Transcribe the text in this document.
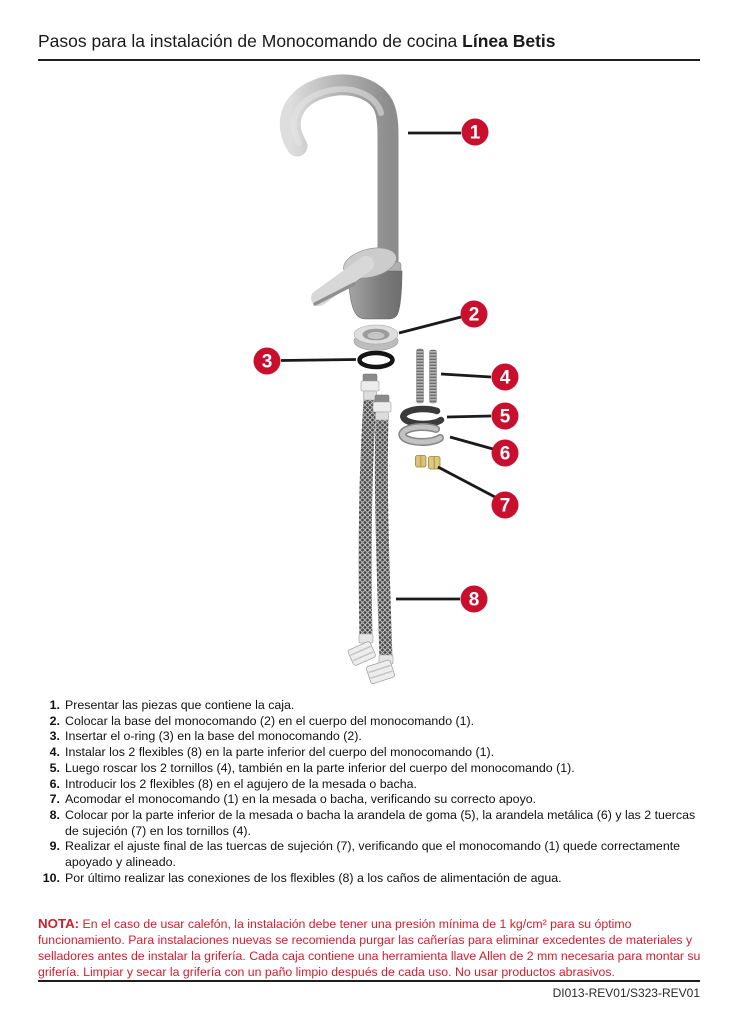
Pasos para la instalación de Monocomando de cocina Línea Betis
1
2
3
4
5
6
7
8
1. Presentar las piezas que contiene la caja.
2. Colocar la base del monocomando (2) en el cuerpo del monocomando (1).
3. Insertar el o-ring (3) en la base del monocomando (2).
4. Instalar los 2 flexibles (8) en la parte inferior del cuerpo del monocomando (1).
5. Luego roscar los 2 tornillos (4), también en la parte inferior del cuerpo del monocomando (1).
6. Introducir los 2 flexibles (8) en el agujero de la mesada o bacha.
7. Acomodar el monocomando (1) en la mesada o bacha, verificando su correcto apoyo.
8. Colocar por la parte inferior de la mesada o bacha la arandela de goma (5), la arandela metálica (6) y las 2 tuercas de sujeción (7) en los tornillos (4).
9. Realizar el ajuste final de las tuercas de sujeción (7), verificando que el monocomando (1) quede correctamente apoyado y alineado.
10. Por último realizar las conexiones de los flexibles (8) a los caños de alimentación de agua.

NOTA: En el caso de usar calefón, la instalación debe tener una presión mínima de 1 kg/cm² para su óptimo funcionamiento. Para instalaciones nuevas se recomienda purgar las cañerías para eliminar excedentes de materiales y selladores antes de instalar la grifería. Cada caja contiene una herramienta llave Allen de 2 mm necesaria para montar su grifería. Limpiar y secar la grifería con un paño limpio después de cada uso. No usar productos abrasivos.

DI013-REV01/S323-REV01
